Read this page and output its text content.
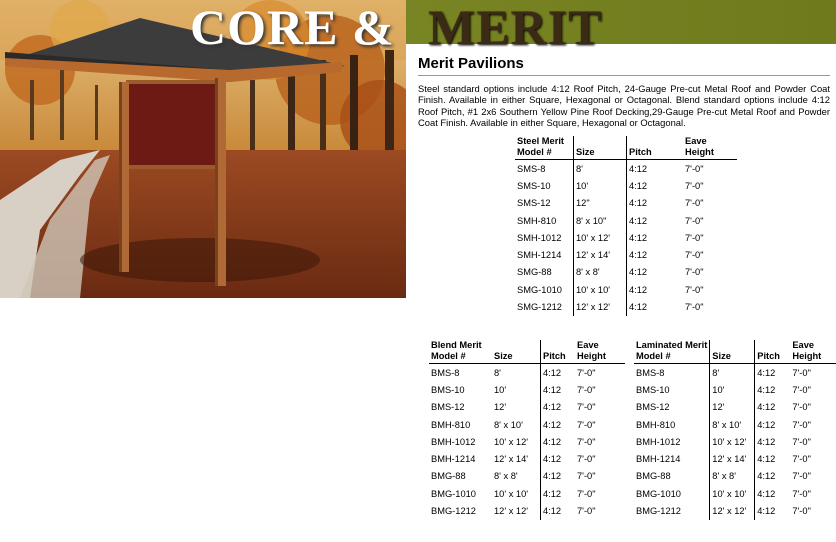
CORE & MERIT
Merit Pavilions
Steel standard options include 4:12 Roof Pitch, 24-Gauge Pre-cut Metal Roof and Powder Coat Finish. Available in either Square, Hexagonal or Octagonal. Blend standard options include 4:12 Roof Pitch, #1 2x6 Southern Yellow Pine Roof Decking,29-Gauge Pre-cut Metal Roof and Powder Coat Finish. Available in either Square, Hexagonal or Octagonal.
Steel Merit
Model #	Size	Pitch	Eave Height
SMS-8	8'	4:12	7'-0"
SMS-10	10'	4:12	7'-0"
SMS-12	12"	4:12	7'-0"
SMH-810	8' x 10"	4:12	7'-0"
SMH-1012	10' x 12'	4:12	7'-0"
SMH-1214	12' x 14'	4:12	7'-0"
SMG-88	8' x 8'	4:12	7'-0"
SMG-1010	10' x 10'	4:12	7'-0"
SMG-1212	12' x 12'	4:12	7'-0"
Blend Merit
Model #	Size	Pitch	Eave Height
BMS-8	8'	4:12	7'-0"
BMS-10	10'	4:12	7'-0"
BMS-12	12'	4:12	7'-0"
BMH-810	8' x 10'	4:12	7'-0"
BMH-1012	10' x 12'	4:12	7'-0"
BMH-1214	12' x 14'	4:12	7'-0"
BMG-88	8' x 8'	4:12	7'-0"
BMG-1010	10' x 10'	4:12	7'-0"
BMG-1212	12' x 12'	4:12	7'-0"
Laminated Merit
Model #	Size	Pitch	Eave Height
BMS-8	8'	4:12	7'-0"
BMS-10	10'	4:12	7'-0"
BMS-12	12'	4:12	7'-0"
BMH-810	8' x 10'	4:12	7'-0"
BMH-1012	10' x 12'	4:12	7'-0"
BMH-1214	12' x 14'	4:12	7'-0"
BMG-88	8' x 8'	4:12	7'-0"
BMG-1010	10' x 10'	4:12	7'-0"
BMG-1212	12' x 12'	4:12	7'-0"
